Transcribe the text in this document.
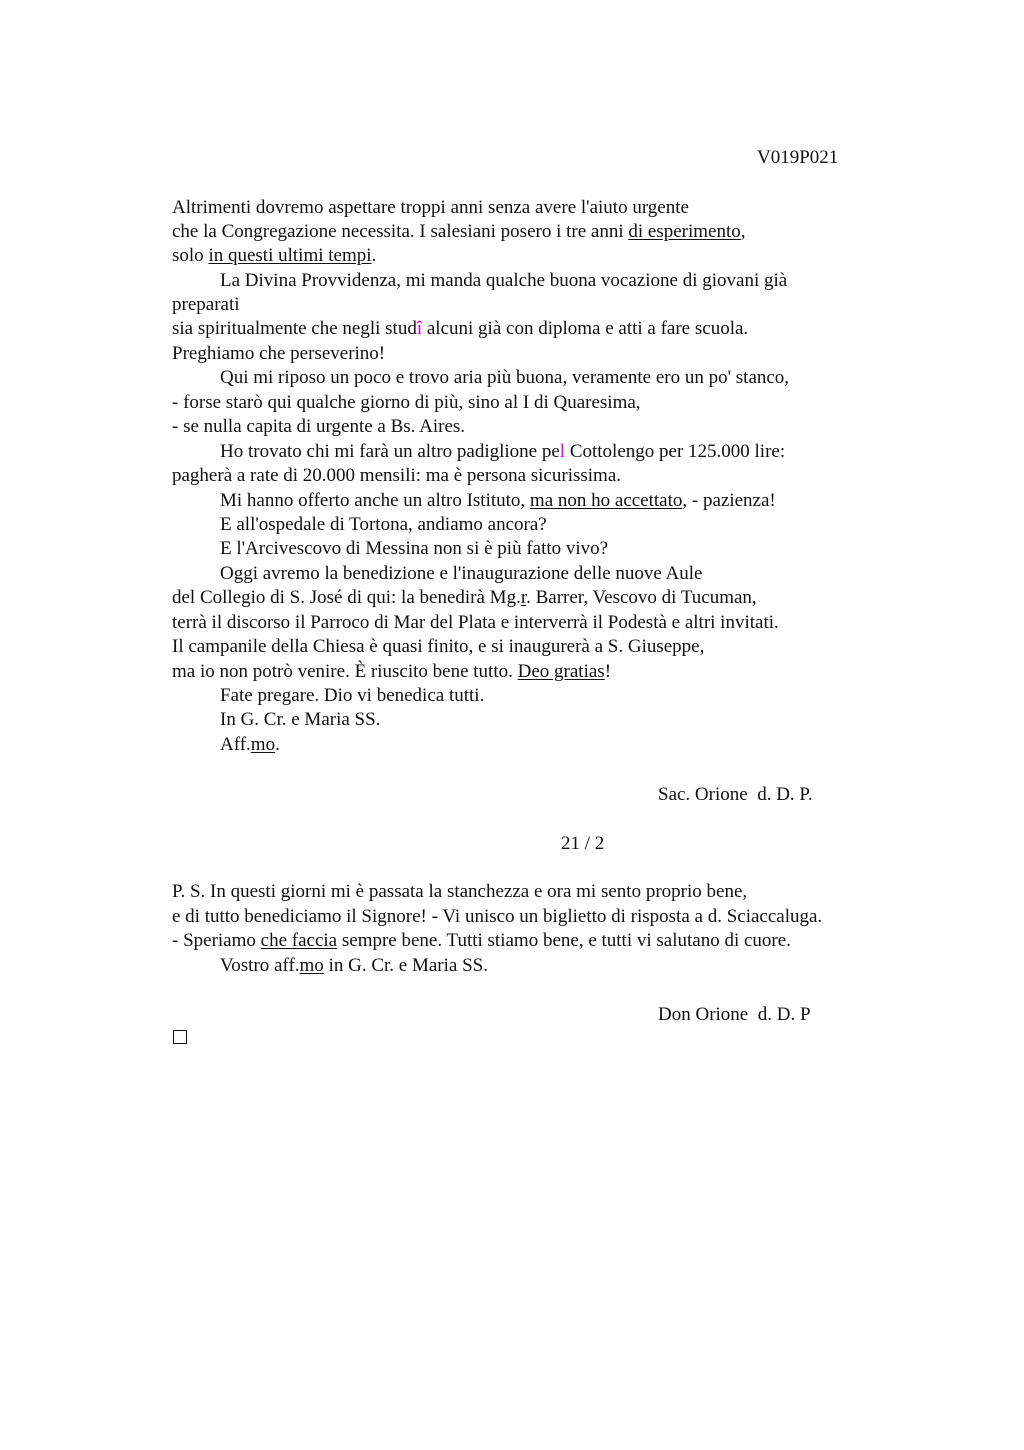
V019P021
Altrimenti dovremo aspettare troppi anni senza avere l'aiuto urgente
che la Congregazione necessita. I salesiani posero i tre anni di esperimento,
solo in questi ultimi tempi.
La Divina Provvidenza, mi manda qualche buona vocazione di giovani già
preparati
sia spiritualmente che negli studî alcuni già con diploma e atti a fare scuola.
Preghiamo che perseverino!
Qui mi riposo un poco e trovo aria più buona, veramente ero un po' stanco,
- forse starò qui qualche giorno di più, sino al I di Quaresima,
- se nulla capita di urgente a Bs. Aires.
Ho trovato chi mi farà un altro padiglione pel Cottolengo per 125.000 lire:
pagherà a rate di 20.000 mensili: ma è persona sicurissima.
Mi hanno offerto anche un altro Istituto, ma non ho accettato, - pazienza!
E all'ospedale di Tortona, andiamo ancora?
E l'Arcivescovo di Messina non si è più fatto vivo?
Oggi avremo la benedizione e l'inaugurazione delle nuove Aule
del Collegio di S. José di qui: la benedirà Mg.r. Barrer, Vescovo di Tucuman,
terrà il discorso il Parroco di Mar del Plata e interverrà il Podestà e altri invitati.
Il campanile della Chiesa è quasi finito, e si inaugurerà a S. Giuseppe,
ma io non potrò venire. È riuscito bene tutto. Deo gratias!
Fate pregare. Dio vi benedica tutti.
In G. Cr. e Maria SS.
Aff.mo.
Sac. Orione  d. D. P.
21 / 2
P. S. In questi giorni mi è passata la stanchezza e ora mi sento proprio bene,
e di tutto benediciamo il Signore! - Vi unisco un biglietto di risposta a d. Sciaccaluga.
- Speriamo che faccia sempre bene. Tutti stiamo bene, e tutti vi salutano di cuore.
Vostro aff.mo in G. Cr. e Maria SS.
Don Orione  d. D. P
